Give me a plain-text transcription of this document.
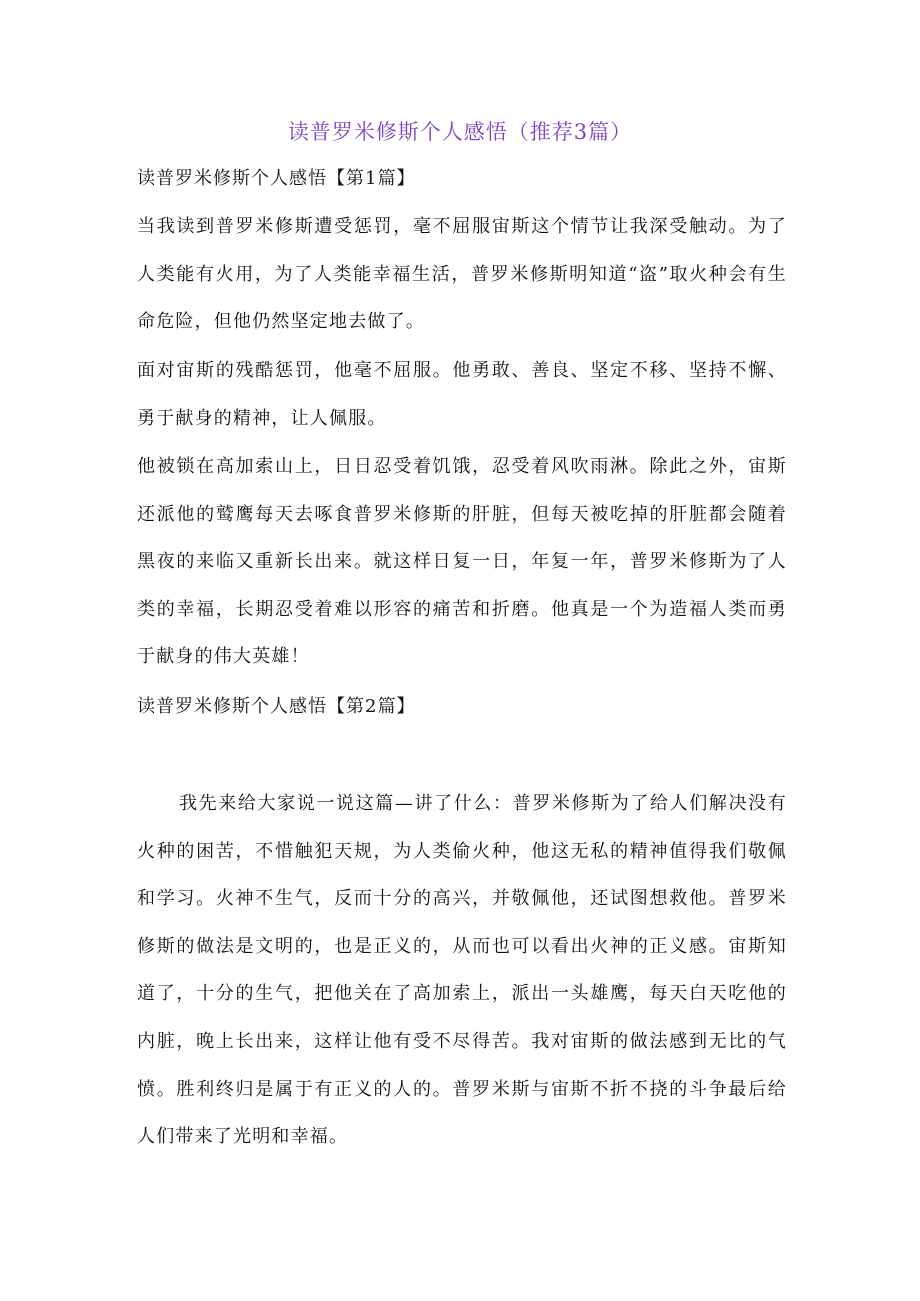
读普罗米修斯个人感悟（推荐3篇）
读普罗米修斯个人感悟【第1篇】
当我读到普罗米修斯遭受惩罚，毫不屈服宙斯这个情节让我深受触动。为了人类能有火用，为了人类能幸福生活，普罗米修斯明知道“盗”取火种会有生命危险，但他仍然坚定地去做了。
面对宙斯的残酷惩罚，他毫不屈服。他勇敢、善良、坚定不移、坚持不懈、勇于献身的精神，让人佩服。
他被锁在高加索山上，日日忍受着饥饿，忍受着风吹雨淋。除此之外，宙斯还派他的鹫鹰每天去啄食普罗米修斯的肝脏，但每天被吃掉的肝脏都会随着黑夜的来临又重新长出来。就这样日复一日，年复一年，普罗米修斯为了人类的幸福，长期忍受着难以形容的痛苦和折磨。他真是一个为造福人类而勇于献身的伟大英雄！
读普罗米修斯个人感悟【第2篇】
我先来给大家说一说这篇—讲了什么：普罗米修斯为了给人们解决没有火种的困苦，不惜触犯天规，为人类偷火种，他这无私的精神值得我们敬佩和学习。火神不生气，反而十分的高兴，并敬佩他，还试图想救他。普罗米修斯的做法是文明的，也是正义的，从而也可以看出火神的正义感。宙斯知道了，十分的生气，把他关在了高加索上，派出一头雄鹰，每天白天吃他的内脏，晚上长出来，这样让他有受不尽得苦。我对宙斯的做法感到无比的气愤。胜利终归是属于有正义的人的。普罗米斯与宙斯不折不挠的斗争最后给人们带来了光明和幸福。
